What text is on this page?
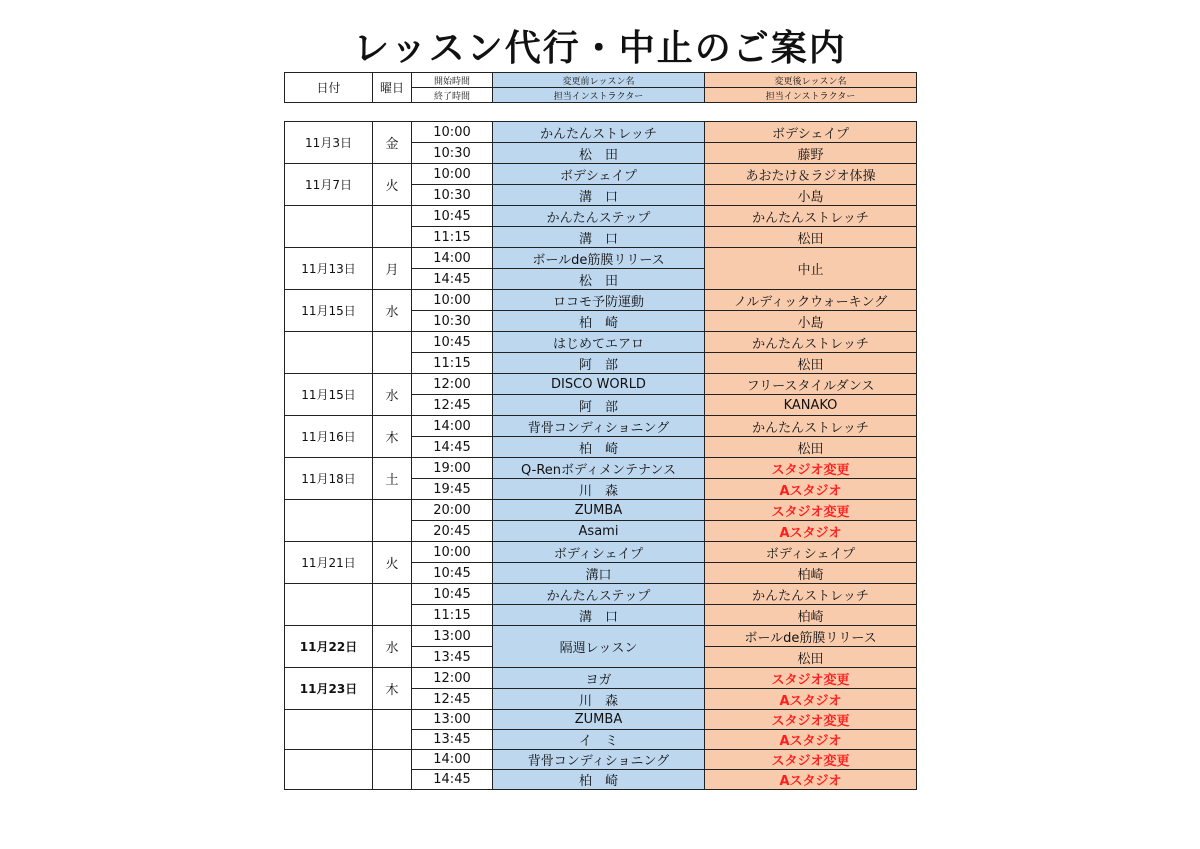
レッスン代行・中止のご案内
日付	曜日	開始時間	変更前レッスン名	変更後レッスン名
		終了時間	担当インストラクター	担当インストラクター
11月3日	金	10:00	かんたんストレッチ	ボデシェイプ
		10:30	松　田	藤野
11月7日	火	10:00	ボデシェイプ	あおたけ＆ラジオ体操
		10:30	溝　口	小島
		10:45	かんたんステップ	かんたんストレッチ
		11:15	溝　口	松田
11月13日	月	14:00	ボールde筋膜リリース	中止
		14:45	松　田	
11月15日	水	10:00	ロコモ予防運動	ノルディックウォーキング
		10:30	柏　崎	小島
		10:45	はじめてエアロ	かんたんストレッチ
		11:15	阿　部	松田
11月15日	水	12:00	DISCO WORLD	フリースタイルダンス
		12:45	阿　部	KANAKO
11月16日	木	14:00	背骨コンディショニング	かんたんストレッチ
		14:45	柏　崎	松田
11月18日	土	19:00	Q-Renボディメンテナンス	スタジオ変更
		19:45	川　森	Aスタジオ
		20:00	ZUMBA	スタジオ変更
		20:45	Asami	Aスタジオ
11月21日	火	10:00	ボディシェイプ	ボディシェイプ
		10:45	溝口	柏崎
		10:45	かんたんステップ	かんたんストレッチ
		11:15	溝　口	柏崎
11月22日	水	13:00	隔週レッスン	ボールde筋膜リリース
		13:45		松田
11月23日	木	12:00	ヨガ	スタジオ変更
		12:45	川　森	Aスタジオ
		13:00	ZUMBA	スタジオ変更
		13:45	イ　ミ	Aスタジオ
		14:00	背骨コンディショニング	スタジオ変更
		14:45	柏　崎	Aスタジオ
